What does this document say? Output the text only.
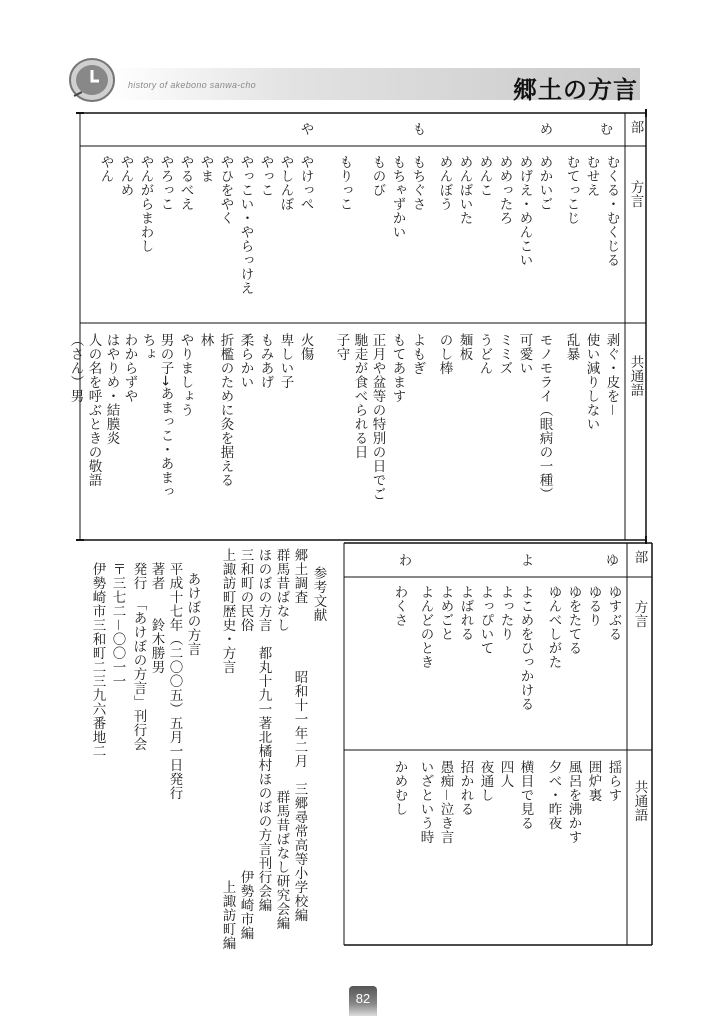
history of akebono sanwa-cho	郷土の方言
部
方言
共通語
む
め
も
や
むくる・むくじる
むせえ
むてっこじ
めかいご
めげえ・めんこい
めめったろ
めんこ
めんばいた
めんぼう
もちぐさ
もちゃずかい
ものび
もりっこ
やけっぺ
やしんぼ
やっこ
やっこい・やらっけえ
やひをやく
やま
やるべえ
やろっこ
やんがらまわし
やんめ
やん
剥ぐ・皮を－
使い減りしない
乱暴
モノモライ（眼病の一種）
可愛い
ミミズ
うどん
麺板
のし棒
よもぎ
もてあます
正月や盆等の特別の日でご
馳走が食べられる日
子守
火傷
卑しい子
もみあげ
柔らかい
折檻のために灸を据える
林
やりましょう
男の子→あまっこ・あまっ
ちょ
わからずや
はやりめ・結膜炎
人の名を呼ぶときの敬語
（さん）男
部
方言
共通語
ゆ
よ
わ
ゆすぶる
ゆるり
ゆをたてる
ゆんべしがた
よこめをひっかける
よったり
よっぴいて
よばれる
よめごと
よんどのとき
わくさ
揺らす
囲炉裏
風呂を沸かす
夕べ・昨夜
横目で見る
四人
夜通し
招かれる
愚痴－泣き言
いざという時
かめむし
参考文献
郷土調査
昭和十一年二月　三郷尋常高等小学校編
群馬昔ばなし
群馬昔ばなし研究会編
ほのぼの方言　都丸十九一著北橘村ほのぼの方言刊行会編
三和町の民俗
伊勢崎市編
上諏訪町歴史・方言
上諏訪町編
あけぼの方言
平成十七年（二〇〇五）五月一日発行
著者　　鈴木勝男
発行　「あけぼの方言」刊行会
〒三七二－〇〇一一
伊勢崎市三和町二三九六番地二
82
